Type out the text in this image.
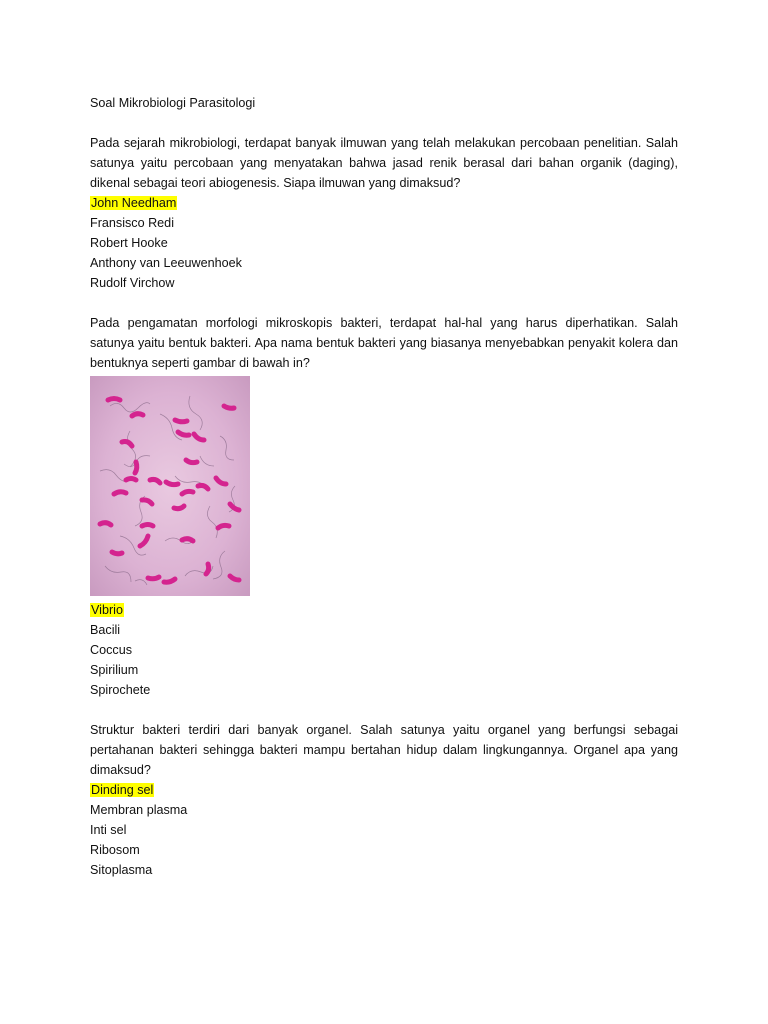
Soal Mikrobiologi Parasitologi

Pada sejarah mikrobiologi, terdapat banyak ilmuwan yang telah melakukan percobaan penelitian. Salah satunya yaitu percobaan yang menyatakan bahwa jasad renik berasal dari bahan organik (daging), dikenal sebagai teori abiogenesis. Siapa ilmuwan yang dimaksud?

John Needham

Fransisco Redi

Robert Hooke

Anthony van Leeuwenhoek

Rudolf Virchow

Pada pengamatan morfologi mikroskopis bakteri, terdapat hal-hal yang harus diperhatikan. Salah satunya yaitu bentuk bakteri. Apa nama bentuk bakteri yang biasanya menyebabkan penyakit kolera dan bentuknya seperti gambar di bawah in?

Vibrio

Bacili

Coccus

Spirilium

Spirochete

Struktur bakteri terdiri dari banyak organel. Salah satunya yaitu organel yang berfungsi sebagai pertahanan bakteri sehingga bakteri mampu bertahan hidup dalam lingkungannya. Organel apa yang dimaksud?

Dinding sel

Membran plasma

Inti sel

Ribosom

Sitoplasma
